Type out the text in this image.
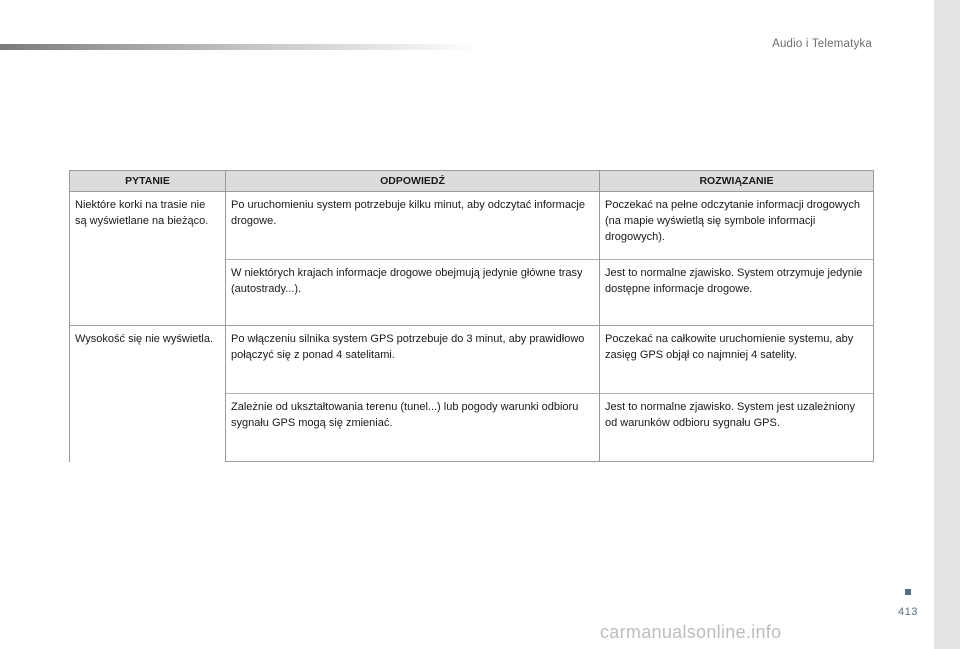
Audio i Telematyka
PYTANIE	ODPOWIEDŹ	ROZWIĄZANIE
Niektóre korki na trasie nie są wyświetlane na bieżąco.	Po uruchomieniu system potrzebuje kilku minut, aby odczytać informacje drogowe.	Poczekać na pełne odczytanie informacji drogowych (na mapie wyświetlą się symbole informacji drogowych).
	W niektórych krajach informacje drogowe obejmują jedynie główne trasy (autostrady...).	Jest to normalne zjawisko. System otrzymuje jedynie dostępne informacje drogowe.
Wysokość się nie wyświetla.	Po włączeniu silnika system GPS potrzebuje do 3 minut, aby prawidłowo połączyć się z ponad 4 satelitami.	Poczekać na całkowite uruchomienie systemu, aby zasięg GPS objął co najmniej 4 satelity.
	Zależnie od ukształtowania terenu (tunel...) lub pogody warunki odbioru sygnału GPS mogą się zmieniać.	Jest to normalne zjawisko. System jest uzależniony od warunków odbioru sygnału GPS.
413
carmanualsonline.info
